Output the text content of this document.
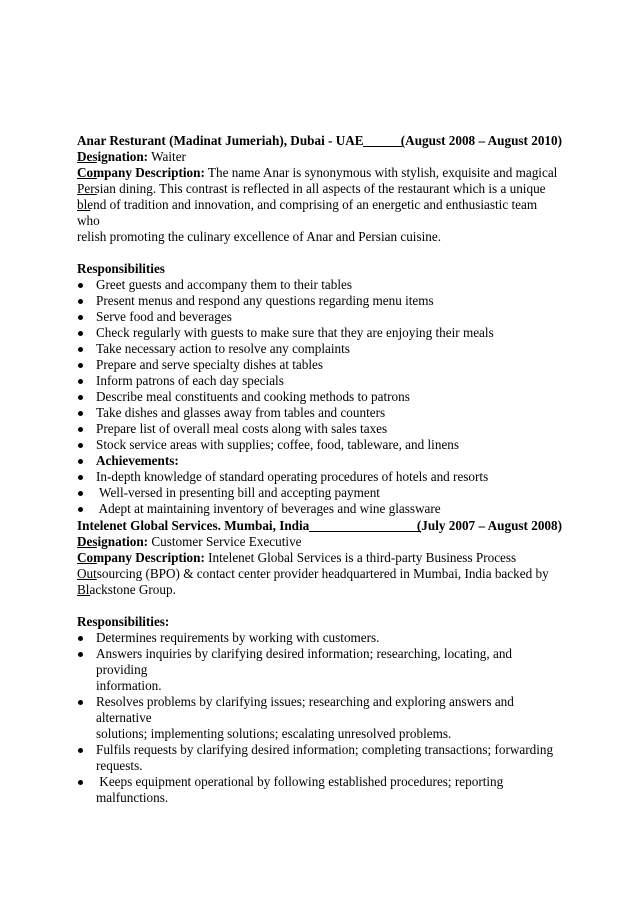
Anar Resturant (Madinat Jumeriah), Dubai - UAE

	(August 2008 – August 2010)

Designation: Waiter

Company Description: The name Anar is synonymous with stylish, exquisite and magical

Persian dining. This contrast is reflected in all aspects of the restaurant which is a unique

blend of tradition and innovation, and comprising of an energetic and enthusiastic team who

relish promoting the culinary excellence of Anar and Persian cuisine.

Responsibilities

Greet guests and accompany them to their tables
Present menus and respond any questions regarding menu items
Serve food and beverages
Check regularly with guests to make sure that they are enjoying their meals
Take necessary action to resolve any complaints
Prepare and serve specialty dishes at tables
Inform patrons of each day specials
Describe meal constituents and cooking methods to patrons
Take dishes and glasses away from tables and counters
Prepare list of overall meal costs along with sales taxes
Stock service areas with supplies; coffee, food, tableware, and linens
Achievements:
In-depth knowledge of standard operating procedures of hotels and resorts
Well-versed in presenting bill and accepting payment
Adept at maintaining inventory of beverages and wine glassware

Intelenet Global Services. Mumbai, India

	(July 2007 – August 2008)

Designation: Customer Service Executive

Company Description: Intelenet Global Services is a third-party Business Process

Outsourcing (BPO) & contact center provider headquartered in Mumbai, India backed by

Blackstone Group.

Responsibilities:

Determines requirements by working with customers.
Answers inquiries by clarifying desired information; researching, locating, and providing
information.
Resolves problems by clarifying issues; researching and exploring answers and alternative
solutions; implementing solutions; escalating unresolved problems.
Fulfils requests by clarifying desired information; completing transactions; forwarding
requests.
Keeps equipment operational by following established procedures; reporting
malfunctions.
